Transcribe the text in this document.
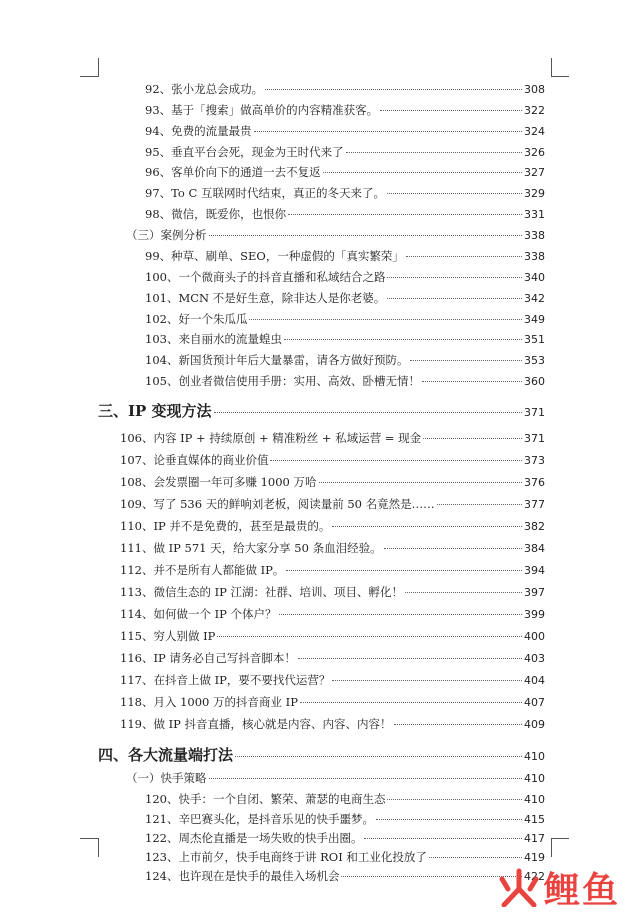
92、张小龙总会成功。	308
93、基于「搜索」做高单价的内容精准获客。	322
94、免费的流量最贵	324
95、垂直平台会死，现金为王时代来了	326
96、客单价向下的通道一去不复返	327
97、To C 互联网时代结束，真正的冬天来了。	329
98、微信，既爱你，也恨你	331
（三）案例分析	338
99、种草、刷单、SEO，一种虚假的「真实繁荣」	338
100、一个微商头子的抖音直播和私域结合之路	340
101、MCN 不是好生意，除非达人是你老婆。	342
102、好一个朱瓜瓜	349
103、来自丽水的流量蝗虫	351
104、新国货预计年后大量暴雷，请各方做好预防。	353
105、创业者微信使用手册：实用、高效、卧槽无情！	360
三、IP 变现方法	371
106、内容 IP + 持续原创 + 精准粉丝 + 私域运营 = 现金	371
107、论垂直媒体的商业价值	373
108、会发票圈一年可多赚 1000 万哈	376
109、写了 536 天的鲜响刘老板，阅读量前 50 名竟然是……	377
110、IP 并不是免费的，甚至是最贵的。	382
111、做 IP 571 天，给大家分享 50 条血泪经验。	384
112、并不是所有人都能做 IP。	394
113、微信生态的 IP 江湖：社群、培训、项目、孵化！	397
114、如何做一个 IP 个体户？	399
115、穷人别做 IP	400
116、IP 请务必自己写抖音脚本！	403
117、在抖音上做 IP，要不要找代运营？	404
118、月入 1000 万的抖音商业 IP	407
119、做 IP 抖音直播，核心就是内容、内容、内容！	409
四、各大流量端打法	410
（一）快手策略	410
120、快手：一个自闭、繁荣、萧瑟的电商生态	410
121、辛巴赛头化，是抖音乐见的快手噩梦。	415
122、周杰伦直播是一场失败的快手出圈。	417
123、上市前夕，快手电商终于讲 ROI 和工业化投放了	419
124、也许现在是快手的最佳入场机会	422
鲤鱼
